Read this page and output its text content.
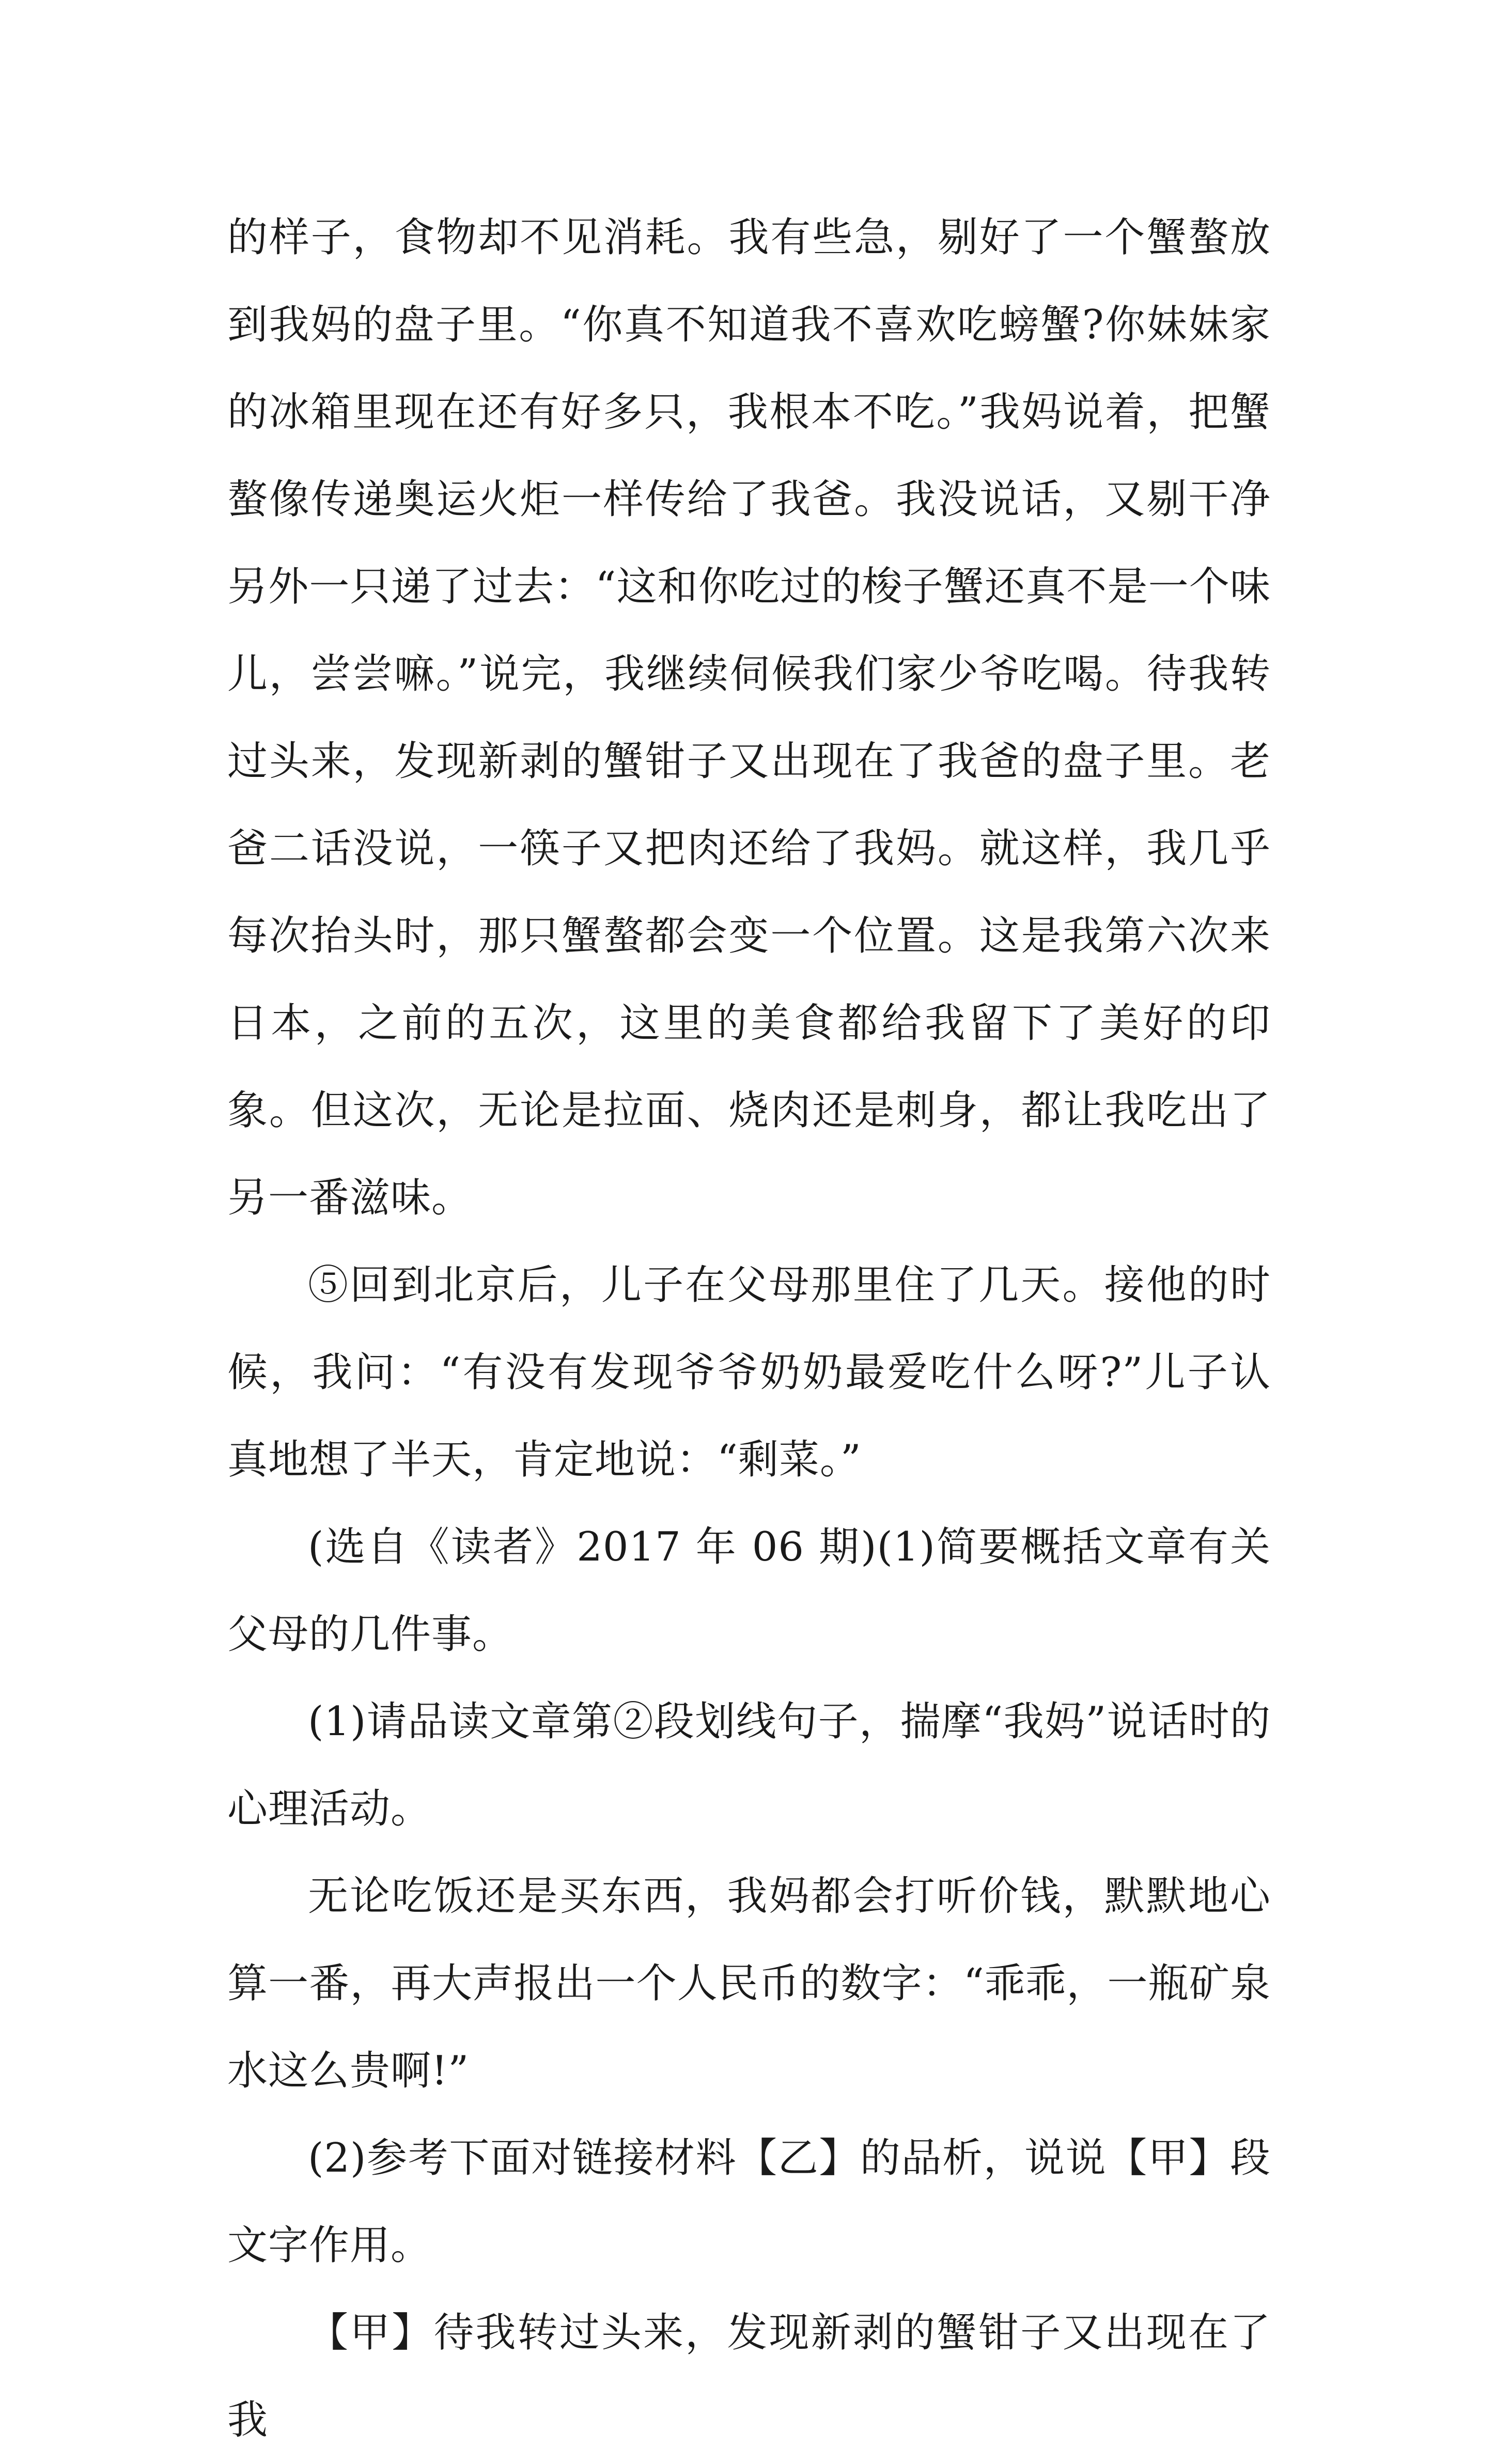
的样子，食物却不见消耗。我有些急，剔好了一个蟹螯放到我妈的盘子里。“你真不知道我不喜欢吃螃蟹?你妹妹家的冰箱里现在还有好多只，我根本不吃。”我妈说着，把蟹螯像传递奥运火炬一样传给了我爸。我没说话，又剔干净另外一只递了过去：“这和你吃过的梭子蟹还真不是一个味儿，尝尝嘛。”说完，我继续伺候我们家少爷吃喝。待我转过头来，发现新剥的蟹钳子又出现在了我爸的盘子里。老爸二话没说，一筷子又把肉还给了我妈。就这样，我几乎每次抬头时，那只蟹螯都会变一个位置。这是我第六次来日本，之前的五次，这里的美食都给我留下了美好的印象。但这次，无论是拉面、烧肉还是刺身，都让我吃出了另一番滋味。

⑤回到北京后，儿子在父母那里住了几天。接他的时候，我问：“有没有发现爷爷奶奶最爱吃什么呀?”儿子认真地想了半天，肯定地说：“剩菜。”

(选自《读者》2017 年 06 期)(1)简要概括文章有关父母的几件事。

(1)请品读文章第②段划线句子，揣摩“我妈”说话时的心理活动。

无论吃饭还是买东西，我妈都会打听价钱，默默地心算一番，再大声报出一个人民币的数字：“乖乖，一瓶矿泉水这么贵啊!”

(2)参考下面对链接材料【乙】的品析，说说【甲】段文字作用。

【甲】待我转过头来，发现新剥的蟹钳子又出现在了我
